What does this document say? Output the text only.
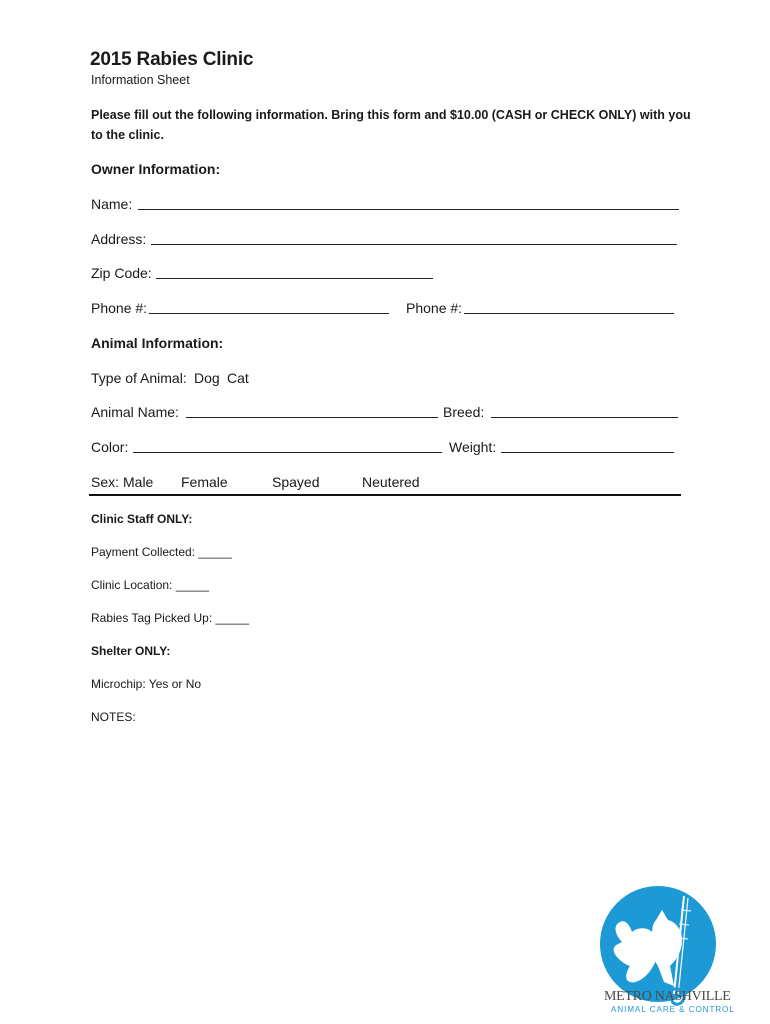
2015 Rabies Clinic
Information Sheet
Please fill out the following information. Bring this form and $10.00 (CASH or CHECK ONLY) with you
to the clinic.
Owner Information:
Name:
Address:
Zip Code:
Phone #:	Phone #:
Animal Information:
Type of Animal: Dog Cat
Animal Name:	Breed:
Color:	Weight:
Sex: Male Female	Spayed	Neutered
Clinic Staff ONLY:
Payment Collected: _____
Clinic Location: _____
Rabies Tag Picked Up: _____
Shelter ONLY:
Microchip: Yes or No
NOTES:
METRO NASHVILLE
ANIMAL CARE & CONTROL
